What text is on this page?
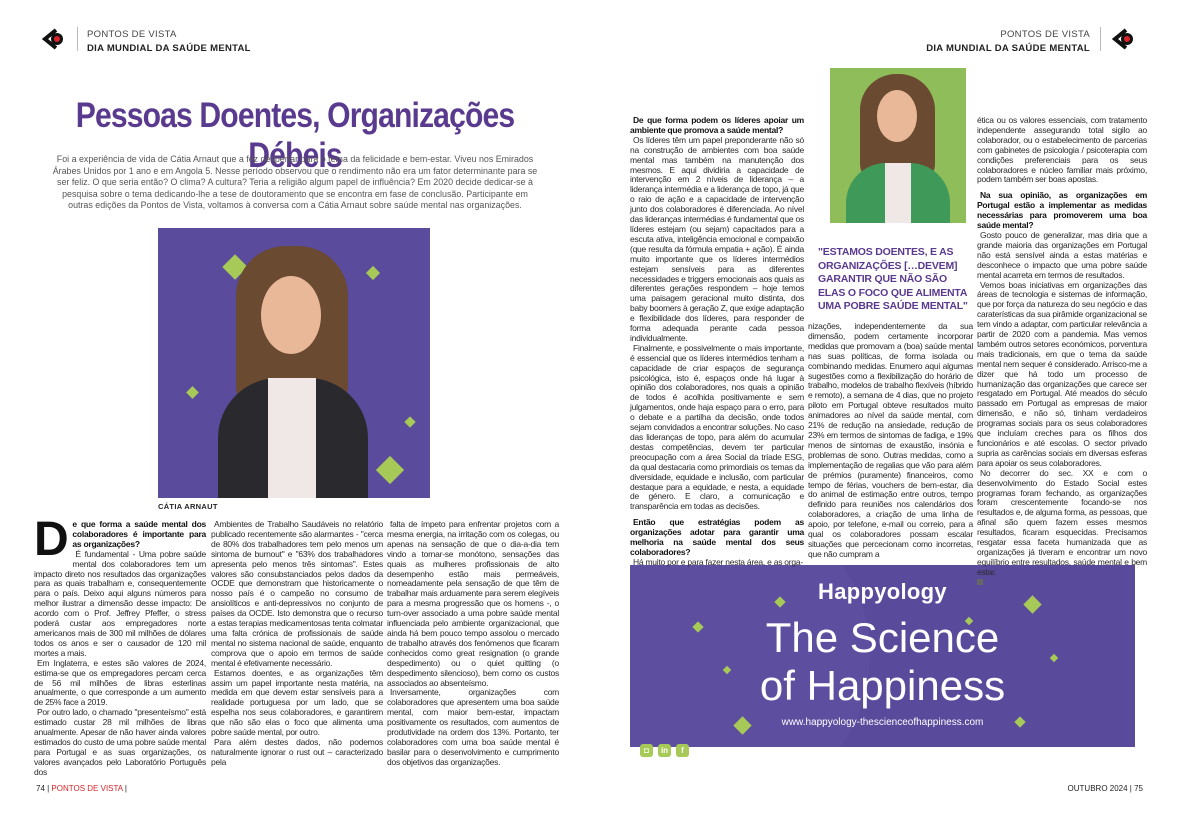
PONTOS DE VISTA
DIA MUNDIAL DA SAÚDE MENTAL
PONTOS DE VISTA
DIA MUNDIAL DA SAÚDE MENTAL
Pessoas Doentes, Organizações Débeis

Foi a experiência de vida de Cátia Arnaut que a fez despertar para o tema da felicidade e bem-estar. Viveu nos Emirados Árabes Unidos por 1 ano e em Angola 5. Nesse período observou que o rendimento não era um fator determinante para se ser feliz. O que seria então? O clima? A cultura? Teria a religião algum papel de influência? Em 2020 decide dedicar-se à pesquisa sobre o tema dedicando-lhe a tese de doutoramento que se encontra em fase de conclusão. Participante em outras edições da Pontos de Vista, voltamos à conversa com a Cátia Arnaut sobre saúde mental nas organizações.

CÁTIA ARNAUT
D e que forma a saúde mental dos colaboradores é importante para as organizações?

É fundamental - Uma pobre saúde mental dos colaboradores tem um impacto direto nos resultados das organizações para as quais trabalham e, consequentemente para o país. Deixo aqui alguns números para melhor ilustrar a dimensão desse impacto: De acordo com o Prof. Jeffrey Pfeffer, o stress poderá custar aos empregadores norte americanos mais de 300 mil milhões de dólares todos os anos e ser o causador de 120 mil mortes a mais.

Em Inglaterra, e estes são valores de 2024, estima-se que os empregadores percam cerca de 56 mil milhões de libras esterlinas anualmente, o que corresponde a um aumento de 25% face a 2019.

Por outro lado, o chamado "presenteísmo" está estimado custar 28 mil milhões de libras anualmente. Apesar de não haver ainda valores estimados do custo de uma pobre saúde mental para Portugal e as suas organizações, os valores avançados pelo Laboratório Português dos

Ambientes de Trabalho Saudáveis no relatório publicado recentemente são alarmantes - "cerca de 80% dos trabalhadores tem pelo menos um sintoma de burnout" e "63% dos trabalhadores apresenta pelo menos três sintomas". Estes valores são consubstanciados pelos dados da OCDE que demonstram que historicamente o nosso país é o campeão no consumo de ansiolíticos e anti-depressivos no conjunto de países da OCDE. Isto demonstra que o recurso a estas terapias medicamentosas tenta colmatar uma falta crónica de profissionais de saúde mental no sistema nacional de saúde, enquanto comprova que o apoio em termos de saúde mental é efetivamente necessário.

Estamos doentes, e as organizações têm assim um papel importante nesta matéria, na medida em que devem estar sensíveis para a realidade portuguesa por um lado, que se espelha nos seus colaboradores, e garantirem que não são elas o foco que alimenta uma pobre saúde mental, por outro.

Para além destes dados, não podemos naturalmente ignorar o rust out – caracterizado pela

falta de ímpeto para enfrentar projetos com a mesma energia, na irritação com os colegas, ou apenas na sensação de que o dia-a-dia tem vindo a tornar-se monótono, sensações das quais as mulheres profissionais de alto desempenho estão mais permeáveis, nomeadamente pela sensação de que têm de trabalhar mais arduamente para serem elegíveis para a mesma progressão que os homens -, o turn-over associado a uma pobre saúde mental influenciada pelo ambiente organizacional, que ainda há bem pouco tempo assolou o mercado de trabalho através dos fenómenos que ficaram conhecidos como great resignation (o grande despedimento) ou o quiet quitting (o despedimento silencioso), bem como os custos associados ao absenteísmo.

Inversamente, organizações com colaboradores que apresentem uma boa saúde mental, com maior bem-estar, impactam positivamente os resultados, com aumentos de produtividade na ordem dos 13%. Portanto, ter colaboradores com uma boa saúde mental é basilar para o desenvolvimento e cumprimento dos objetivos das organizações.

De que forma podem os líderes apoiar um ambiente que promova a saúde mental?

Os líderes têm um papel preponderante não só na construção de ambientes com boa saúde mental mas também na manutenção dos mesmos. E aqui dividiria a capacidade de intervenção em 2 níveis de liderança – a liderança intermédia e a liderança de topo, já que o raio de ação e a capacidade de intervenção junto dos colaboradores é diferenciada. Ao nível das lideranças intermédias é fundamental que os líderes estejam (ou sejam) capacitados para a escuta ativa, inteligência emocional e compaixão (que resulta da fórmula empatia + ação). É ainda muito importante que os líderes intermédios estejam sensíveis para as diferentes necessidades e triggers emocionais aos quais as diferentes gerações respondem – hoje temos uma paisagem geracional muito distinta, dos baby boomers à geração Z, que exige adaptação e flexibilidade dos líderes, para responder de forma adequada perante cada pessoa individualmente.

Finalmente, e possivelmente o mais importante, é essencial que os líderes intermédios tenham a capacidade de criar espaços de segurança psicológica, isto é, espaços onde há lugar à opinião dos colaboradores, nos quais a opinião de todos é acolhida positivamente e sem julgamentos, onde haja espaço para o erro, para o debate e a partilha da decisão, onde todos sejam convidados a encontrar soluções. No caso das lideranças de topo, para além do acumular destas competências, devem ter particular preocupação com a área Social da tríade ESG, da qual destacaria como primordiais os temas da diversidade, equidade e inclusão, com particular destaque para a equidade, e nesta, a equidade de género. E claro, a comunicação e transparência em todas as decisões.

Então que estratégias podem as organizações adotar para garantir uma melhoria na saúde mental dos seus colaboradores?

Há muito por e para fazer nesta área, e as orga-

"ESTAMOS DOENTES, E AS ORGANIZAÇÕES […DEVEM] GARANTIR QUE NÃO SÃO ELAS O FOCO QUE ALIMENTA UMA POBRE SAÚDE MENTAL"

nizações, independentemente da sua dimensão, podem certamente incorporar medidas que promovam a (boa) saúde mental nas suas políticas, de forma isolada ou combinando medidas. Enumero aqui algumas sugestões como a flexibilização do horário de trabalho, modelos de trabalho flexíveis (híbrido e remoto), a semana de 4 dias, que no projeto piloto em Portugal obteve resultados muito animadores ao nível da saúde mental, com 21% de redução na ansiedade, redução de 23% em termos de sintomas de fadiga, e 19% menos de sintomas de exaustão, insónia e problemas de sono. Outras medidas, como a implementação de regalias que vão para além de prémios (puramente) financeiros, como tempo de férias, vouchers de bem-estar, dia do animal de estimação entre outros, tempo definido para reuniões nos calendários dos colaboradores, a criação de uma linha de apoio, por telefone, e-mail ou correio, para a qual os colaboradores possam escalar situações que percecionam como incorretas, que não cumpram a

ética ou os valores essenciais, com tratamento independente assegurando total sigilo ao colaborador, ou o estabelecimento de parcerias com gabinetes de psicologia / psicoterapia com condições preferenciais para os seus colaboradores e núcleo familiar mais próximo, podem também ser boas apostas.

Na sua opinião, as organizações em Portugal estão a implementar as medidas necessárias para promoverem uma boa saúde mental?

Gosto pouco de generalizar, mas diria que a grande maioria das organizações em Portugal não está sensível ainda a estas matérias e desconhece o impacto que uma pobre saúde mental acarreta em termos de resultados.

Vemos boas iniciativas em organizações das áreas de tecnologia e sistemas de informação, que por força da natureza do seu negócio e das caraterísticas da sua pirâmide organizacional se tem vindo a adaptar, com particular relevância a partir de 2020 com a pandemia. Mas vemos também outros setores económicos, porventura mais tradicionais, em que o tema da saúde mental nem sequer é considerado. Arrisco-me a dizer que há todo um processo de humanização das organizações que carece ser resgatado em Portugal. Até meados do século passado em Portugal as empresas de maior dimensão, e não só, tinham verdadeiros programas sociais para os seus colaboradores que incluíam creches para os filhos dos funcionários e até escolas. O sector privado supria as carências sociais em diversas esferas para apoiar os seus colaboradores.

No decorrer do sec. XX e com o desenvolvimento do Estado Social estes programas foram fechando, as organizações foram crescentemente focando-se nos resultados e, de alguma forma, as pessoas, que afinal são quem fazem esses mesmos resultados, ficaram esquecidas. Precisamos resgatar essa faceta humanizada que as organizações já tiveram e encontrar um novo equilíbrio entre resultados, saúde mental e bem estar.

Happyology
The Science
of Happiness
www.happyology-thescienceofhappiness.com
◘	in	f
74 | PONTOS DE VISTA |	OUTUBRO 2024 | 75
